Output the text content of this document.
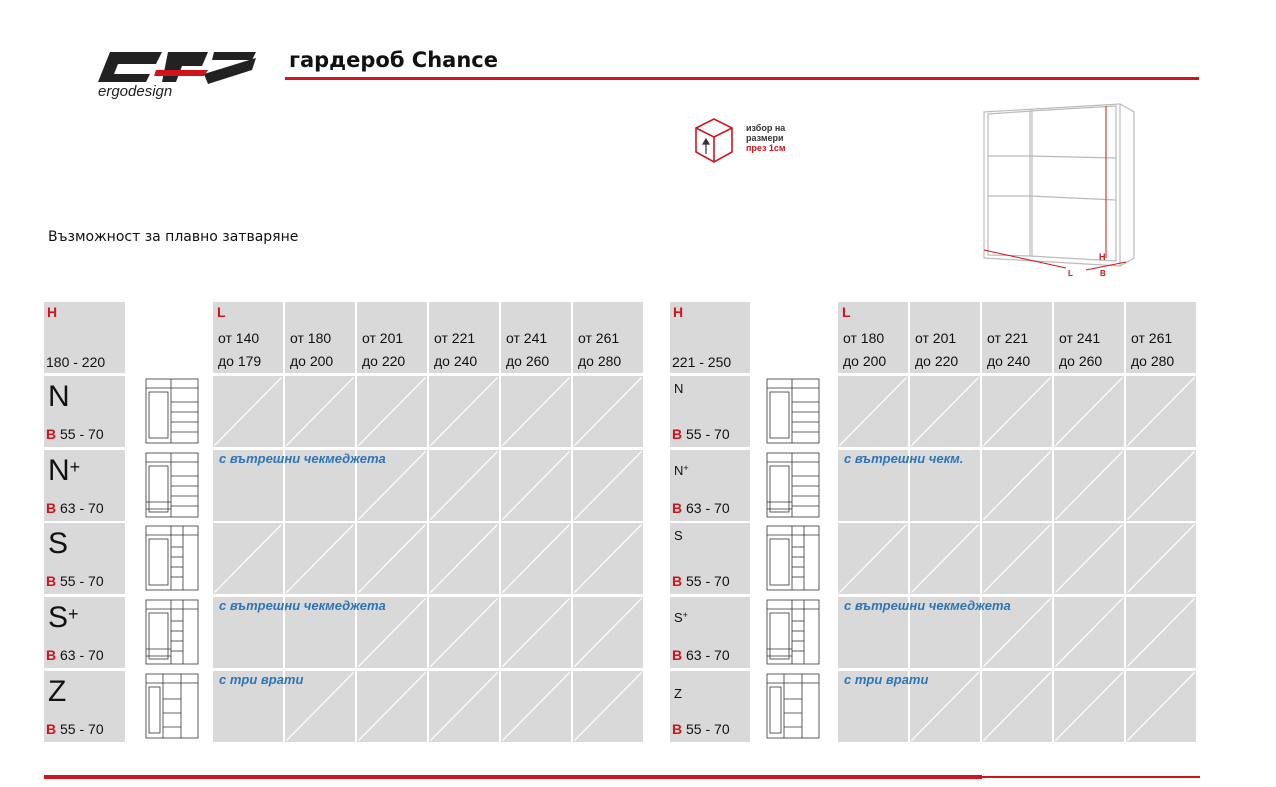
ergodesign
гардероб Chance
избор на
размери
през 1см
H
L	B
Възможност за плавно затваряне
H
180 - 220
L
от 140
до 179
от 180
до 200
от 201
до 220
от 221
до 240
от 241
до 260
от 261
до 280
N
B 55 - 70
N+
B 63 - 70
с вътрешни чекмеджета
S
B 55 - 70
S+
B 63 - 70
с вътрешни чекмеджета
Z
B 55 - 70
с три врати
H
221 - 250
L
от 180
до 200
от 201
до 220
от 221
до 240
от 241
до 260
от 261
до 280
N
B 55 - 70
N+
B 63 - 70
с вътрешни чекм.
S
B 55 - 70
S+
B 63 - 70
с вътрешни чекмеджета
Z
B 55 - 70
с три врати
